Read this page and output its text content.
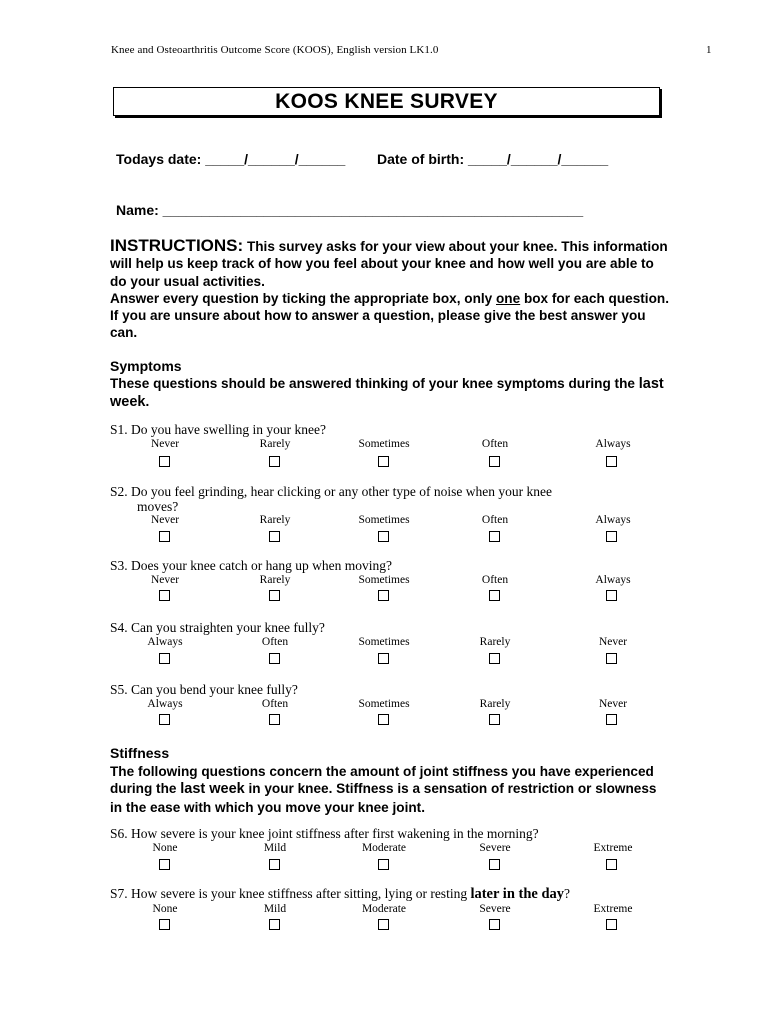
Knee and Osteoarthritis Outcome Score (KOOS), English version LK1.0	1
KOOS KNEE SURVEY
Todays date: _____/______/______ Date of birth: _____/______/______
Name: ______________________________________________________
INSTRUCTIONS: This survey asks for your view about your knee. This information will help us keep track of how you feel about your knee and how well you are able to do your usual activities.
Answer every question by ticking the appropriate box, only one box for each question. If you are unsure about how to answer a question, please give the best answer you can.
Symptoms
These questions should be answered thinking of your knee symptoms during the last week.
Stiffness
The following questions concern the amount of joint stiffness you have experienced during the last week in your knee. Stiffness is a sensation of restriction or slowness in the ease with which you move your knee joint.
S1. Do you have swelling in your knee?
Never	Rarely	Sometimes	Often	Always
S2. Do you feel grinding, hear clicking or any other type of noise when your knee
moves?
Never	Rarely	Sometimes	Often	Always
S3. Does your knee catch or hang up when moving?
Never	Rarely	Sometimes	Often	Always
S4. Can you straighten your knee fully?
Always	Often	Sometimes	Rarely	Never
S5. Can you bend your knee fully?
Always	Often	Sometimes	Rarely	Never
S6. How severe is your knee joint stiffness after first wakening in the morning?
None	Mild	Moderate	Severe	Extreme
S7. How severe is your knee stiffness after sitting, lying or resting later in the day?
None	Mild	Moderate	Severe	Extreme
